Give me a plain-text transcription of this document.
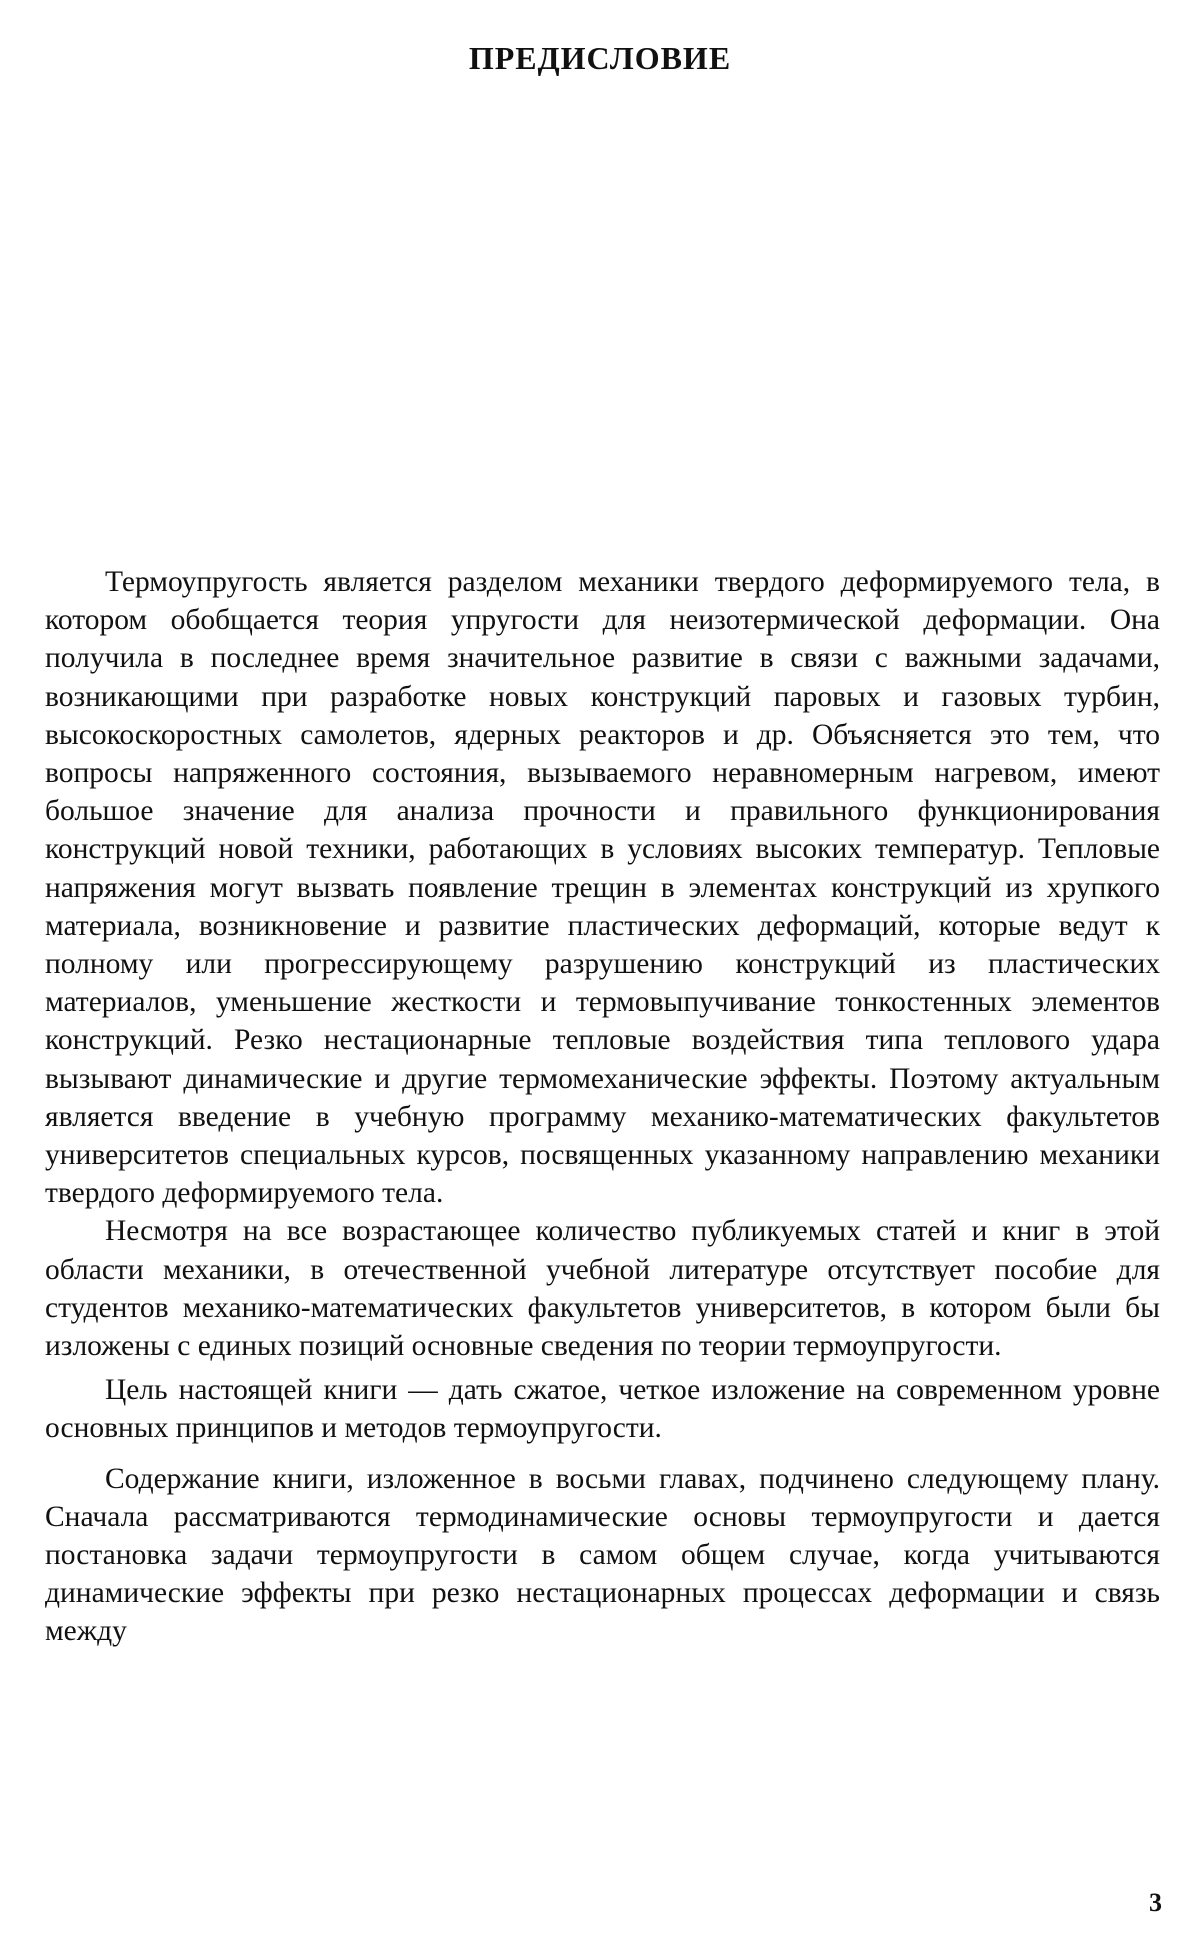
ПРЕДИСЛОВИЕ

Термоупругость является разделом механики твердого деформируемого тела, в котором обобщается теория упругости для неизотермической деформации. Она получила в последнее время значительное развитие в связи с важными задачами, возникающими при разработке новых конструкций паровых и газовых турбин, высокоскоростных самолетов, ядерных реакторов и др. Объясняется это тем, что вопросы напряженного состояния, вызываемого неравномерным нагревом, имеют большое значение для анализа прочности и правильного функционирования конструкций новой техники, работающих в условиях высоких температур. Тепловые напряжения могут вызвать появление трещин в элементах конструкций из хрупкого материала, возникновение и развитие пластических деформаций, которые ведут к полному или прогрессирующему разрушению конструкций из пластических материалов, уменьшение жесткости и термовыпучивание тонкостенных элементов конструкций. Резко нестационарные тепловые воздействия типа теплового удара вызывают динамические и другие термомеханические эффекты. Поэтому актуальным является введение в учебную программу механико-математических факультетов университетов специальных курсов, посвященных указанному направлению механики твердого деформируемого тела.

Несмотря на все возрастающее количество публикуемых статей и книг в этой области механики, в отечественной учебной литературе отсутствует пособие для студентов механико-математических факультетов университетов, в котором были бы изложены с единых позиций основные сведения по теории термоупругости.

Цель настоящей книги — дать сжатое, четкое изложение на современном уровне основных принципов и методов термоупругости.

Содержание книги, изложенное в восьми главах, подчинено следующему плану. Сначала рассматриваются термодинамические основы термоупругости и дается постановка задачи термоупругости в самом общем случае, когда учитываются динамические эффекты при резко нестационарных процессах деформации и связь между

3
